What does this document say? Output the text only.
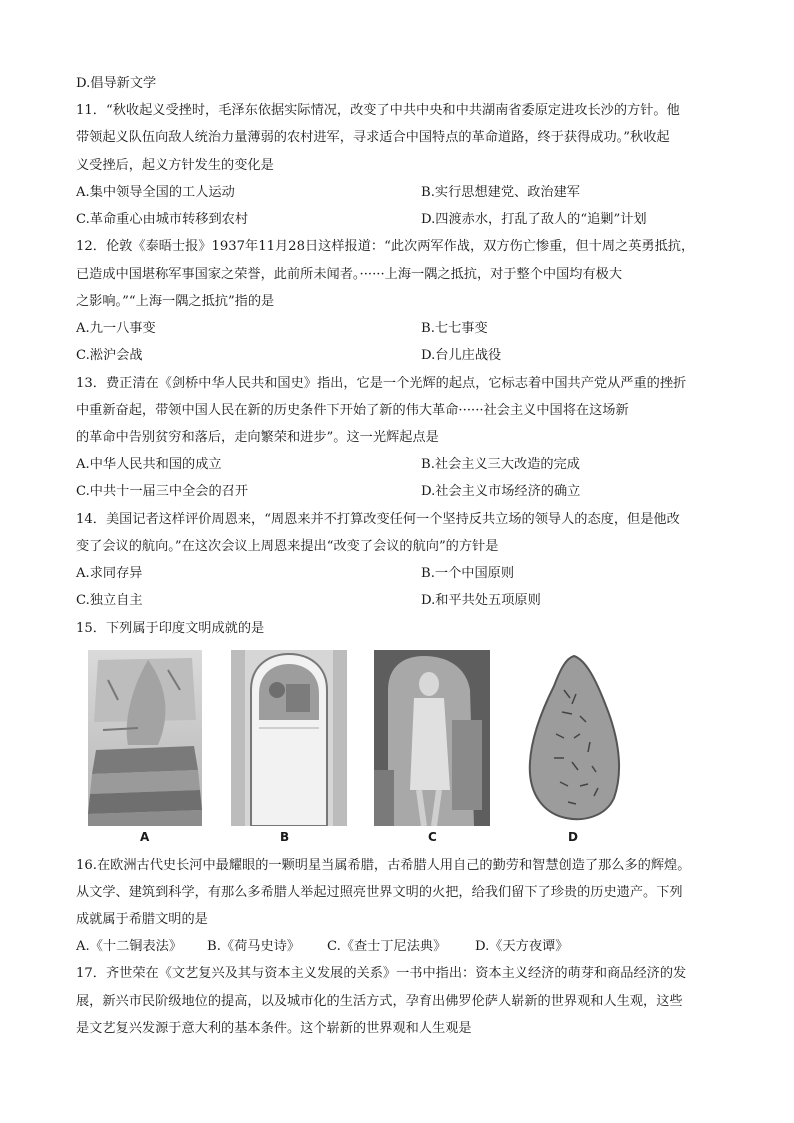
D.倡导新文学
11．“秋收起义受挫时，毛泽东依据实际情况，改变了中共中央和中共湖南省委原定进攻长沙的方针。他
带领起义队伍向敌人统治力量薄弱的农村进军，寻求适合中国特点的革命道路，终于获得成功。”秋收起
义受挫后，起义方针发生的变化是
A.集中领导全国的工人运动	B.实行思想建党、政治建军
C.革命重心由城市转移到农村	D.四渡赤水，打乱了敌人的“追剿”计划
12．伦敦《泰晤士报》1937年11月28日这样报道：“此次两军作战，双方伤亡惨重，但十周之英勇抵抗，
已造成中国堪称军事国家之荣誉，此前所未闻者。······上海一隅之抵抗，对于整个中国均有极大
之影响。”“上海一隅之抵抗”指的是
A.九一八事变	B.七七事变
C.淞沪会战	D.台儿庄战役
13．费正清在《剑桥中华人民共和国史》指出，它是一个光辉的起点，它标志着中国共产党从严重的挫折
中重新奋起，带领中国人民在新的历史条件下开始了新的伟大革命······社会主义中国将在这场新
的革命中告别贫穷和落后，走向繁荣和进步”。这一光辉起点是
A.中华人民共和国的成立	B.社会主义三大改造的完成
C.中共十一届三中全会的召开	D.社会主义市场经济的确立
14．美国记者这样评价周恩来，“周恩来并不打算改变任何一个坚持反共立场的领导人的态度，但是他改
变了会议的航向。”在这次会议上周恩来提出“改变了会议的航向”的方针是
A.求同存异	B.一个中国原则
C.独立自主	D.和平共处五项原则
15．下列属于印度文明成就的是
A	B	C	D
16.在欧洲古代史长河中最耀眼的一颗明星当属希腊，古希腊人用自己的勤劳和智慧创造了那么多的辉煌。
从文学、建筑到科学，有那么多希腊人举起过照亮世界文明的火把，给我们留下了珍贵的历史遗产。下列
成就属于希腊文明的是
A.《十二铜表法》 B.《荷马史诗》 C.《查士丁尼法典》 D.《天方夜谭》
17．齐世荣在《文艺复兴及其与资本主义发展的关系》一书中指出：资本主义经济的萌芽和商品经济的发
展，新兴市民阶级地位的提高，以及城市化的生活方式，孕育出佛罗伦萨人崭新的世界观和人生观，这些
是文艺复兴发源于意大利的基本条件。这个崭新的世界观和人生观是
